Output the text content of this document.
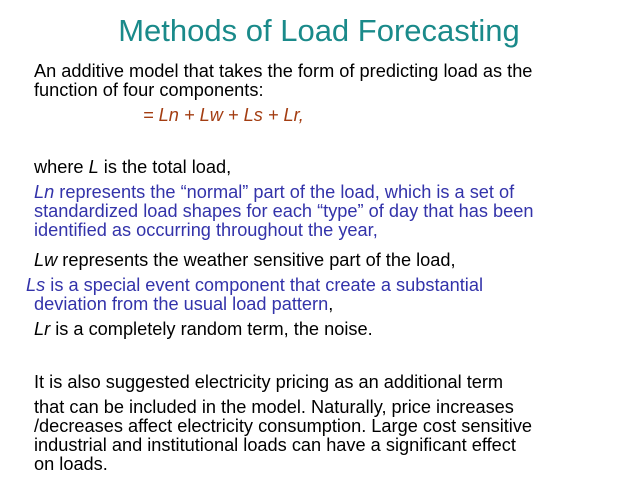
Methods of Load Forecasting
An additive model that takes the form of predicting load as the
function of four components:
= Ln + Lw + Ls + Lr,
where L is the total load,
Ln represents the “normal” part of the load, which is a set of
standardized load shapes for each “type” of day that has been
identified as occurring throughout the year,
Lw represents the weather sensitive part of the load,
Ls is a special event component that create a substantial
deviation from the usual load pattern,
Lr is a completely random term, the noise.
It is also suggested electricity pricing as an additional term
that can be included in the model. Naturally, price increases
/decreases affect electricity consumption. Large cost sensitive
industrial and institutional loads can have a significant effect
on loads.
